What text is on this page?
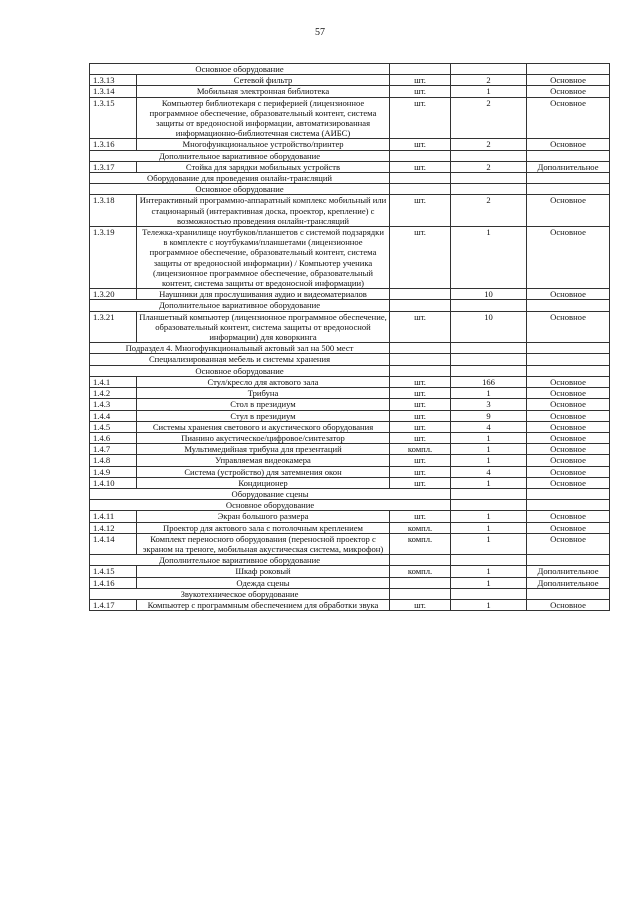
57
Основное оборудование				
1.3.13	Сетевой фильтр	шт.	2	Основное
1.3.14	Мобильная электронная библиотека	шт.	1	Основное
1.3.15	Компьютер библиотекаря с периферией (лицензионное программное обеспечение, образовательный контент, система защиты от вредоносной информации, автоматизированная информационно-библиотечная система (АИБС)	шт.	2	Основное
1.3.16	Многофункциональное устройство/принтер	шт.	2	Основное
Дополнительное вариативное оборудование				
1.3.17	Стойка для зарядки мобильных устройств	шт.	2	Дополнительное
Оборудование для проведения онлайн-трансляций				
Основное оборудование				
1.3.18	Интерактивный программно-аппаратный комплекс мобильный или стационарный (интерактивная доска, проектор, крепление) с возможностью проведения онлайн-трансляций	шт.	2	Основное
1.3.19	Тележка-хранилище ноутбуков/планшетов с системой подзарядки в комплекте с ноутбуками/планшетами (лицензионное программное обеспечение, образовательный контент, система защиты от вредоносной информации) / Компьютер ученика (лицензионное программное обеспечение, образовательный контент, система защиты от вредоносной информации)	шт.	1	Основное
1.3.20	Наушники для прослушивания аудио и видеоматериалов		10	Основное
Дополнительное вариативное оборудование				
1.3.21	Планшетный компьютер (лицензионное программное обеспечение, образовательный контент, система защиты от вредоносной информации) для коворкинга	шт.	10	Основное
Подраздел 4. Многофункциональный актовый зал на 500 мест				
Специализированная мебель и системы хранения				
Основное оборудование				
1.4.1	Стул/кресло для актового зала	шт.	166	Основное
1.4.2	Трибуна	шт.	1	Основное
1.4.3	Стол в президиум	шт.	3	Основное
1.4.4	Стул в президиум	шт.	9	Основное
1.4.5	Системы хранения светового и акустического оборудования	шт.	4	Основное
1.4.6	Пианино акустическое/цифровое/синтезатор	шт.	1	Основное
1.4.7	Мультимедийная трибуна для презентаций	компл.	1	Основное
1.4.8	Управляемая видеокамера	шт.	1	Основное
1.4.9	Система (устройство) для затемнения окон	шт.	4	Основное
1.4.10	Кондиционер	шт.	1	Основное
Оборудование сцены				
Основное оборудование				
1.4.11	Экран большого размера	шт.	1	Основное
1.4.12	Проектор для актового зала с потолочным креплением	компл.	1	Основное
1.4.14	Комплект переносного оборудования (переносной проектор с экраном на треноге, мобильная акустическая система, микрофон)	компл.	1	Основное
Дополнительное вариативное оборудование				
1.4.15	Шкаф роковый	компл.	1	Дополнительное
1.4.16	Одежда сцены		1	Дополнительное
Звукотехническое оборудование				
1.4.17	Компьютер с программным обеспечением для обработки звука	шт.	1	Основное
